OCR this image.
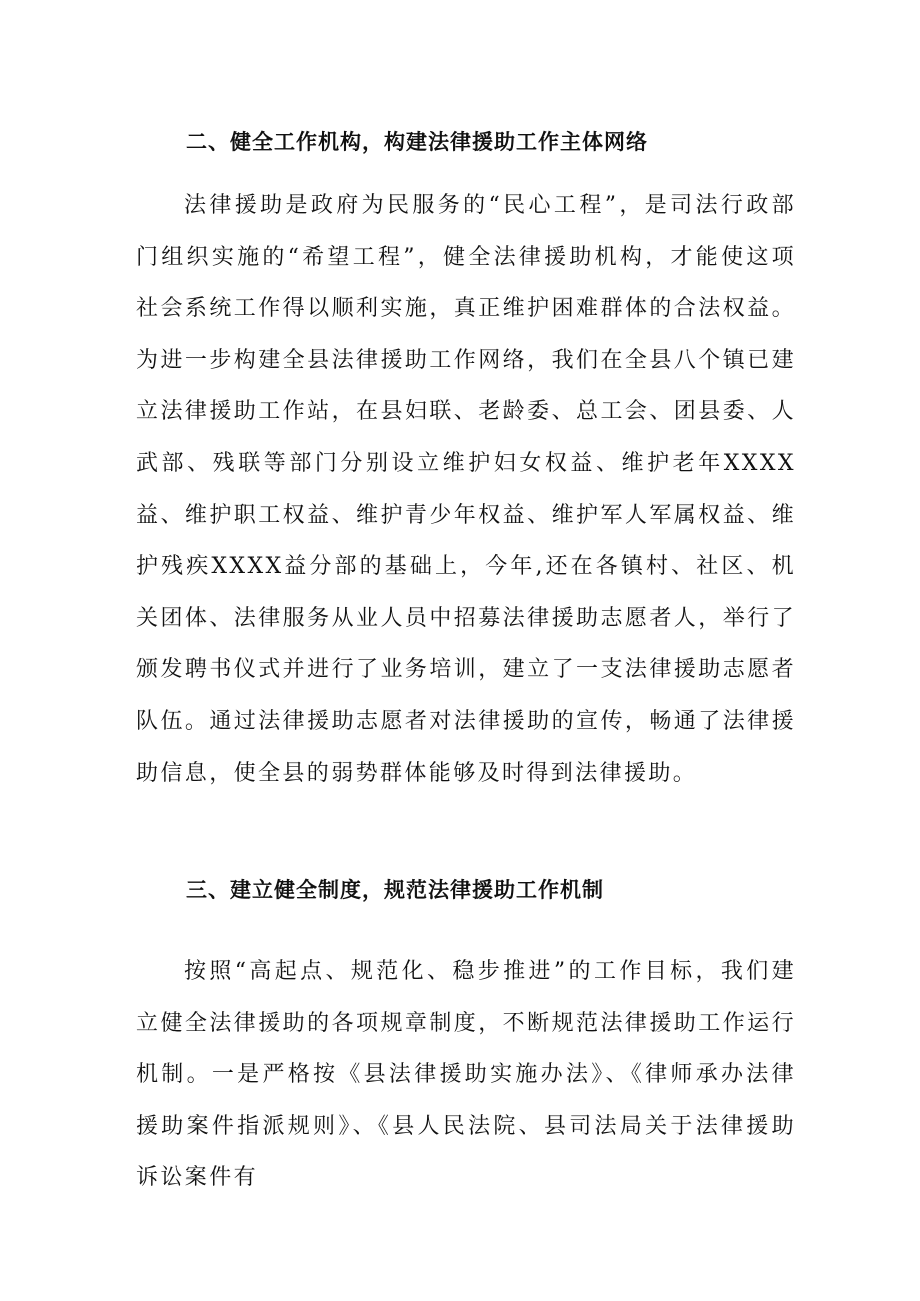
二、健全工作机构，构建法律援助工作主体网络

法律援助是政府为民服务的“民心工程”，是司法行政部门组织实施的“希望工程”，健全法律援助机构，才能使这项社会系统工作得以顺利实施，真正维护困难群体的合法权益。为进一步构建全县法律援助工作网络，我们在全县八个镇已建立法律援助工作站，在县妇联、老龄委、总工会、团县委、人武部、残联等部门分别设立维护妇女权益、维护老年XXXX益、维护职工权益、维护青少年权益、维护军人军属权益、维护残疾XXXX益分部的基础上，今年,还在各镇村、社区、机关团体、法律服务从业人员中招募法律援助志愿者人，举行了颁发聘书仪式并进行了业务培训，建立了一支法律援助志愿者队伍。通过法律援助志愿者对法律援助的宣传，畅通了法律援助信息，使全县的弱势群体能够及时得到法律援助。

三、建立健全制度，规范法律援助工作机制

按照“高起点、规范化、稳步推进”的工作目标，我们建立健全法律援助的各项规章制度，不断规范法律援助工作运行机制。一是严格按《县法律援助实施办法》、《律师承办法律援助案件指派规则》、《县人民法院、县司法局关于法律援助诉讼案件有
